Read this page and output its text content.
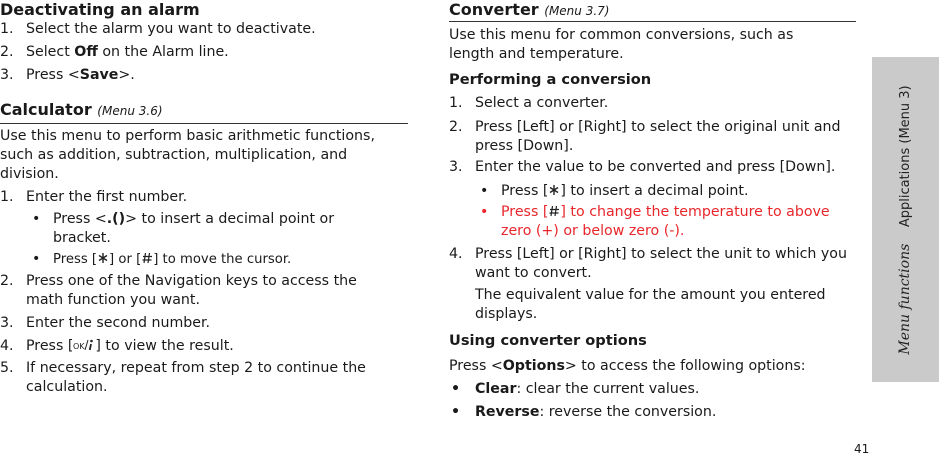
Deactivating an alarm
1. Select the alarm you want to deactivate.
2. Select Off on the Alarm line.
3. Press <Save>.
Calculator (Menu 3.6)
Use this menu to perform basic arithmetic functions, such as addition, subtraction, multiplication, and division.
1. Enter the first number.
• Press <.()> to insert a decimal point or bracket.
• Press [ ] or [ ] to move the cursor.
2. Press one of the Navigation keys to access the math function you want.
3. Enter the second number.
4. Press [ OK ] to view the result.
5. If necessary, repeat from step 2 to continue the calculation.
Converter (Menu 3.7)
Use this menu for common conversions, such as length and temperature.
Performing a conversion
1. Select a converter.
2. Press [Left] or [Right] to select the original unit and press [Down].
3. Enter the value to be converted and press [Down].
• Press [ ] to insert a decimal point.
• Press [ ] to change the temperature to above zero (+) or below zero (-).
4. Press [Left] or [Right] to select the unit to which you want to convert.
The equivalent value for the amount you entered displays.
Using converter options
Press <Options> to access the following options:
• Clear: clear the current values.
• Reverse: reverse the conversion.
Menu functions    Applications (Menu 3)
41
